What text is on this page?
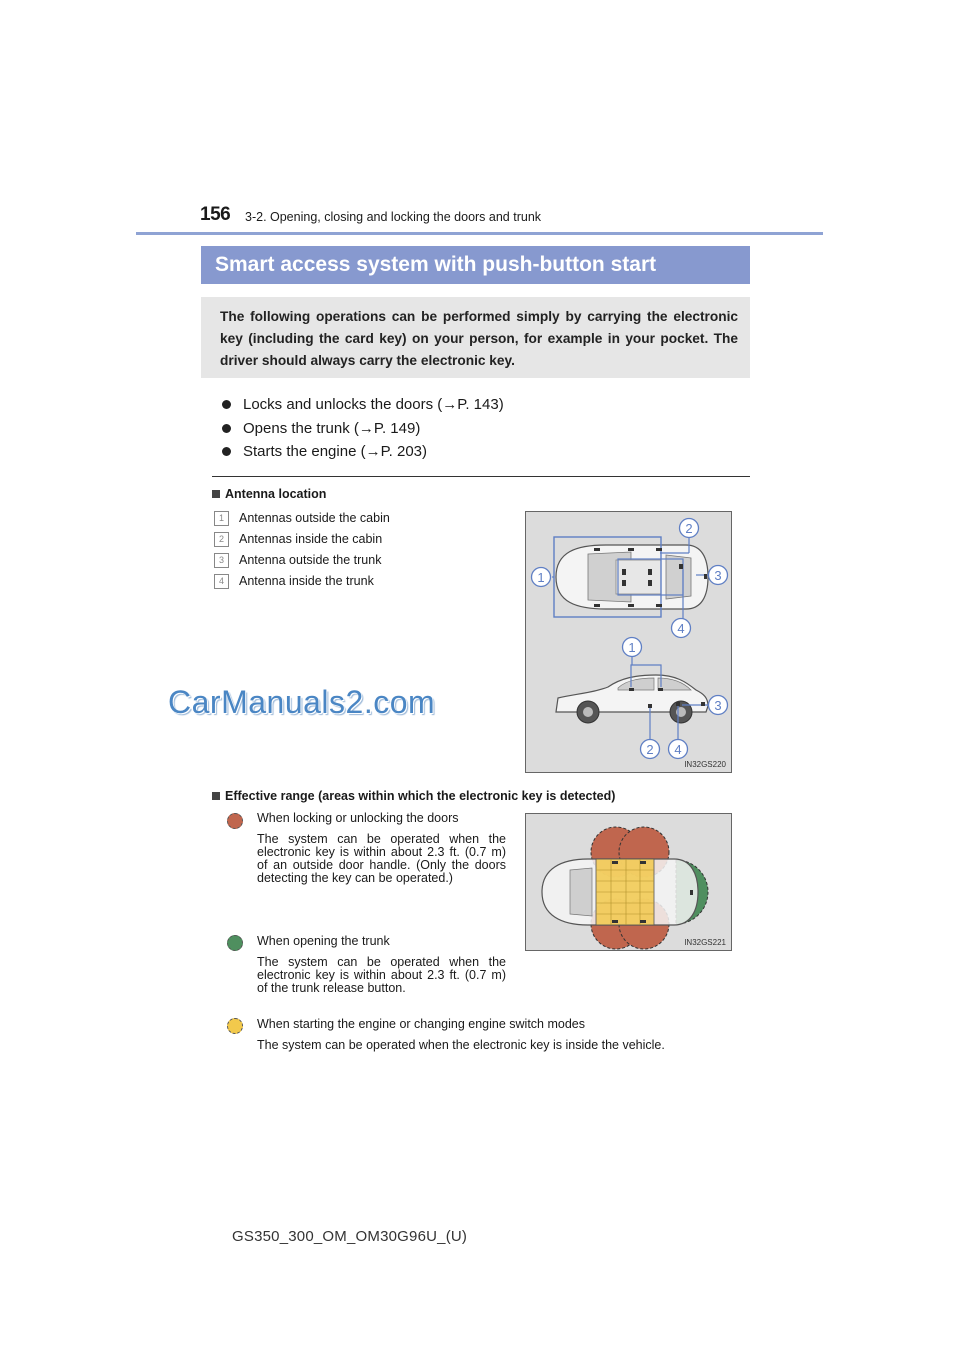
156 3-2. Opening, closing and locking the doors and trunk
Smart access system with push-button start
The following operations can be performed simply by carrying the electronic key (including the card key) on your person, for example in your pocket. The driver should always carry the electronic key.
Locks and unlocks the doors (→P. 143)
Opens the trunk (→P. 149)
Starts the engine (→P. 203)
Antenna location
1	Antennas outside the cabin
2	Antennas inside the cabin
3	Antenna outside the trunk
4	Antenna inside the trunk
2
1	3
4
1
3
2 4
IN32GS220
CarManuals2.com
Effective range (areas within which the electronic key is detected)
When locking or unlocking the doors
The system can be operated when the electronic key is within about 2.3 ft. (0.7 m) of an outside door handle. (Only the doors detecting the key can be operated.)
When opening the trunk
The system can be operated when the electronic key is within about 2.3 ft. (0.7 m) of the trunk release button.
When starting the engine or changing engine switch modes
The system can be operated when the electronic key is inside the vehicle.
IN32GS221
GS350_300_OM_OM30G96U_(U)
